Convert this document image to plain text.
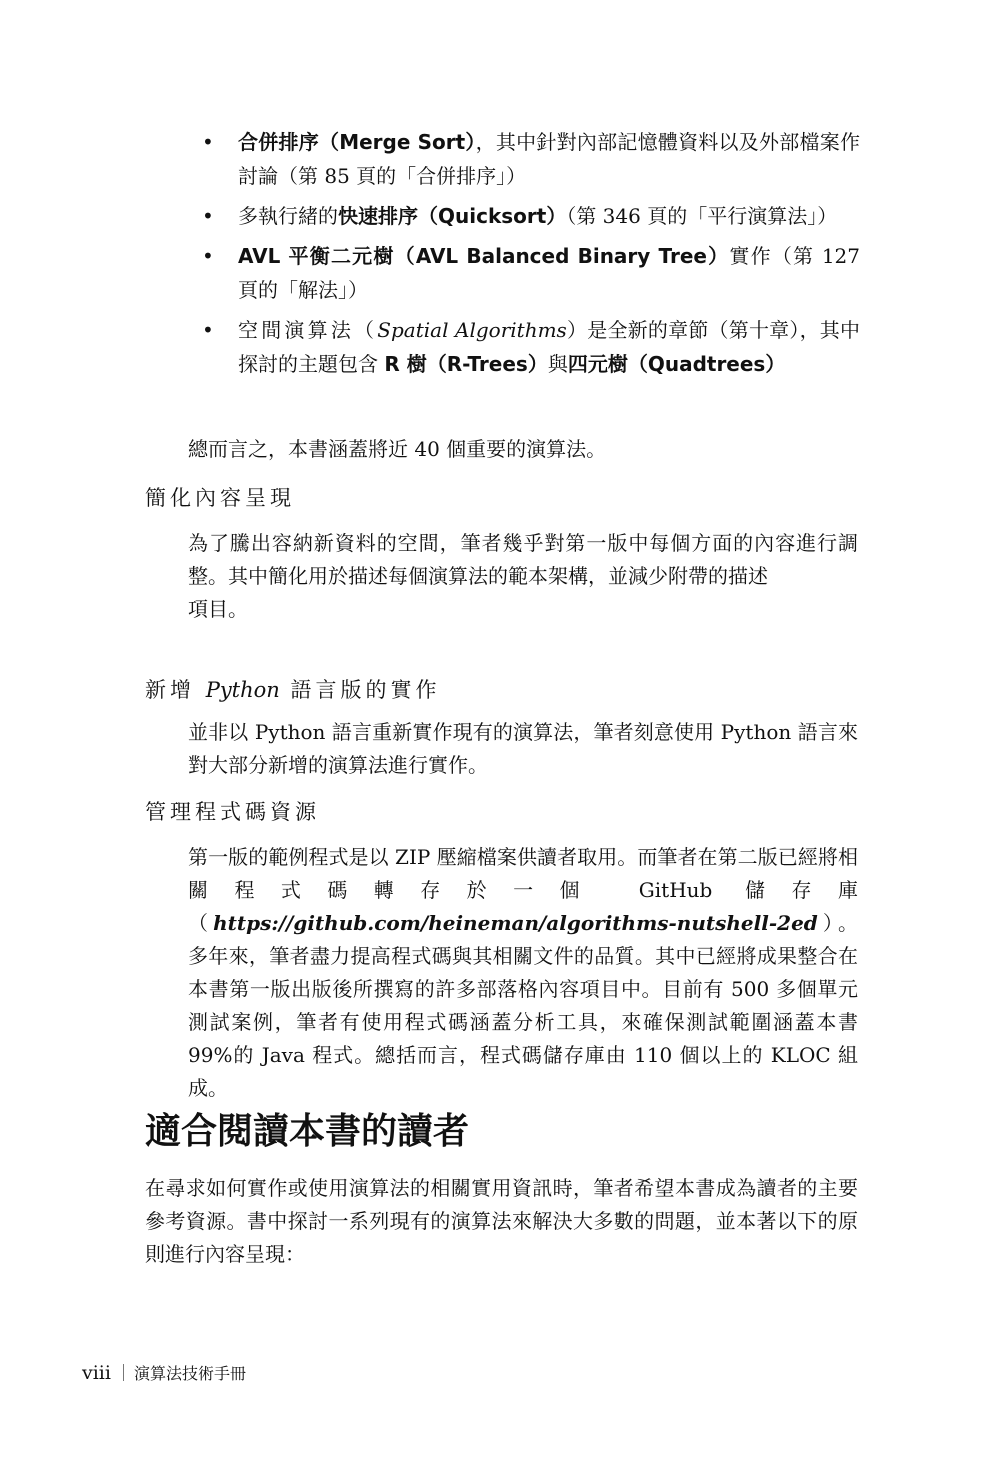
• 合併排序（Merge Sort），其中針對內部記憶體資料以及外部檔案作討論（第 85 頁的「合併排序」）
• 多執行緒的快速排序（Quicksort）（第 346 頁的「平行演算法」）
• AVL 平衡二元樹（AVL Balanced Binary Tree）實作（第 127 頁的「解法」）
• 空間演算法（Spatial Algorithms）是全新的章節（第十章），其中探討的主題包含 R 樹（R-Trees）與四元樹（Quadtrees）

總而言之，本書涵蓋將近 40 個重要的演算法。

簡化內容呈現
為了騰出容納新資料的空間，筆者幾乎對第一版中每個方面的內容進行調整。其中簡化用於描述每個演算法的範本架構，並減少附帶的描述
項目。
新增 Python 語言版的實作

並非以 Python 語言重新實作現有的演算法，筆者刻意使用 Python 語言來對大部分新增的演算法進行實作。

管理程式碼資源

第一版的範例程式是以 ZIP 壓縮檔案供讀者取用。而筆者在第二版已經將相關程式碼轉存於一個 GitHub 儲存庫（https://github.com/heineman/algorithms-nutshell-2ed）。多年來，筆者盡力提高程式碼與其相關文件的品質。其中已經將成果整合在本書第一版出版後所撰寫的許多部落格內容項目中。目前有 500 多個單元測試案例，筆者有使用程式碼涵蓋分析工具，來確保測試範圍涵蓋本書 99%的 Java 程式。總括而言，程式碼儲存庫由 110 個以上的 KLOC 組成。

適合閱讀本書的讀者

在尋求如何實作或使用演算法的相關實用資訊時，筆者希望本書成為讀者的主要參考資源。書中探討一系列現有的演算法來解決大多數的問題，並本著以下的原則進行內容呈現：

viii 演算法技術手冊
